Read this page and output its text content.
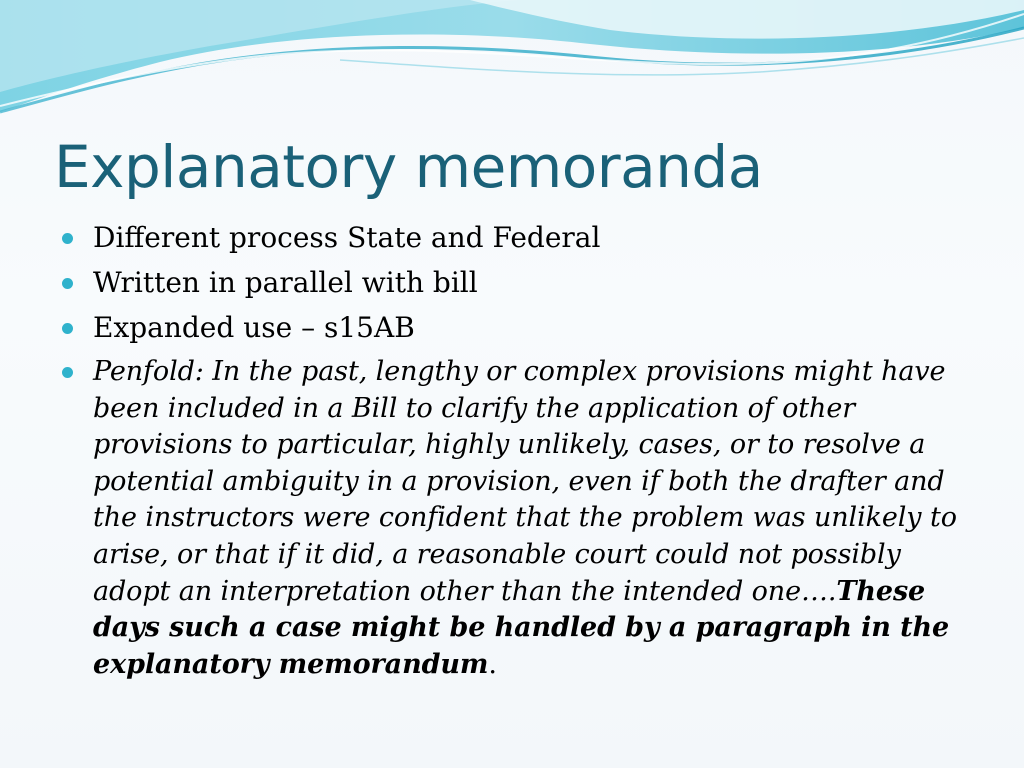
Explanatory memoranda
Different process State and Federal
Written in parallel with bill
Expanded use – s15AB
Penfold: In the past, lengthy or complex provisions might have been included in a Bill to clarify the application of other provisions to particular, highly unlikely, cases, or to resolve a potential ambiguity in a provision, even if both the drafter and the instructors were confident that the problem was unlikely to arise, or that if it did, a reasonable court could not possibly adopt an interpretation other than the intended one….These days such a case might be handled by a paragraph in the explanatory memorandum.
